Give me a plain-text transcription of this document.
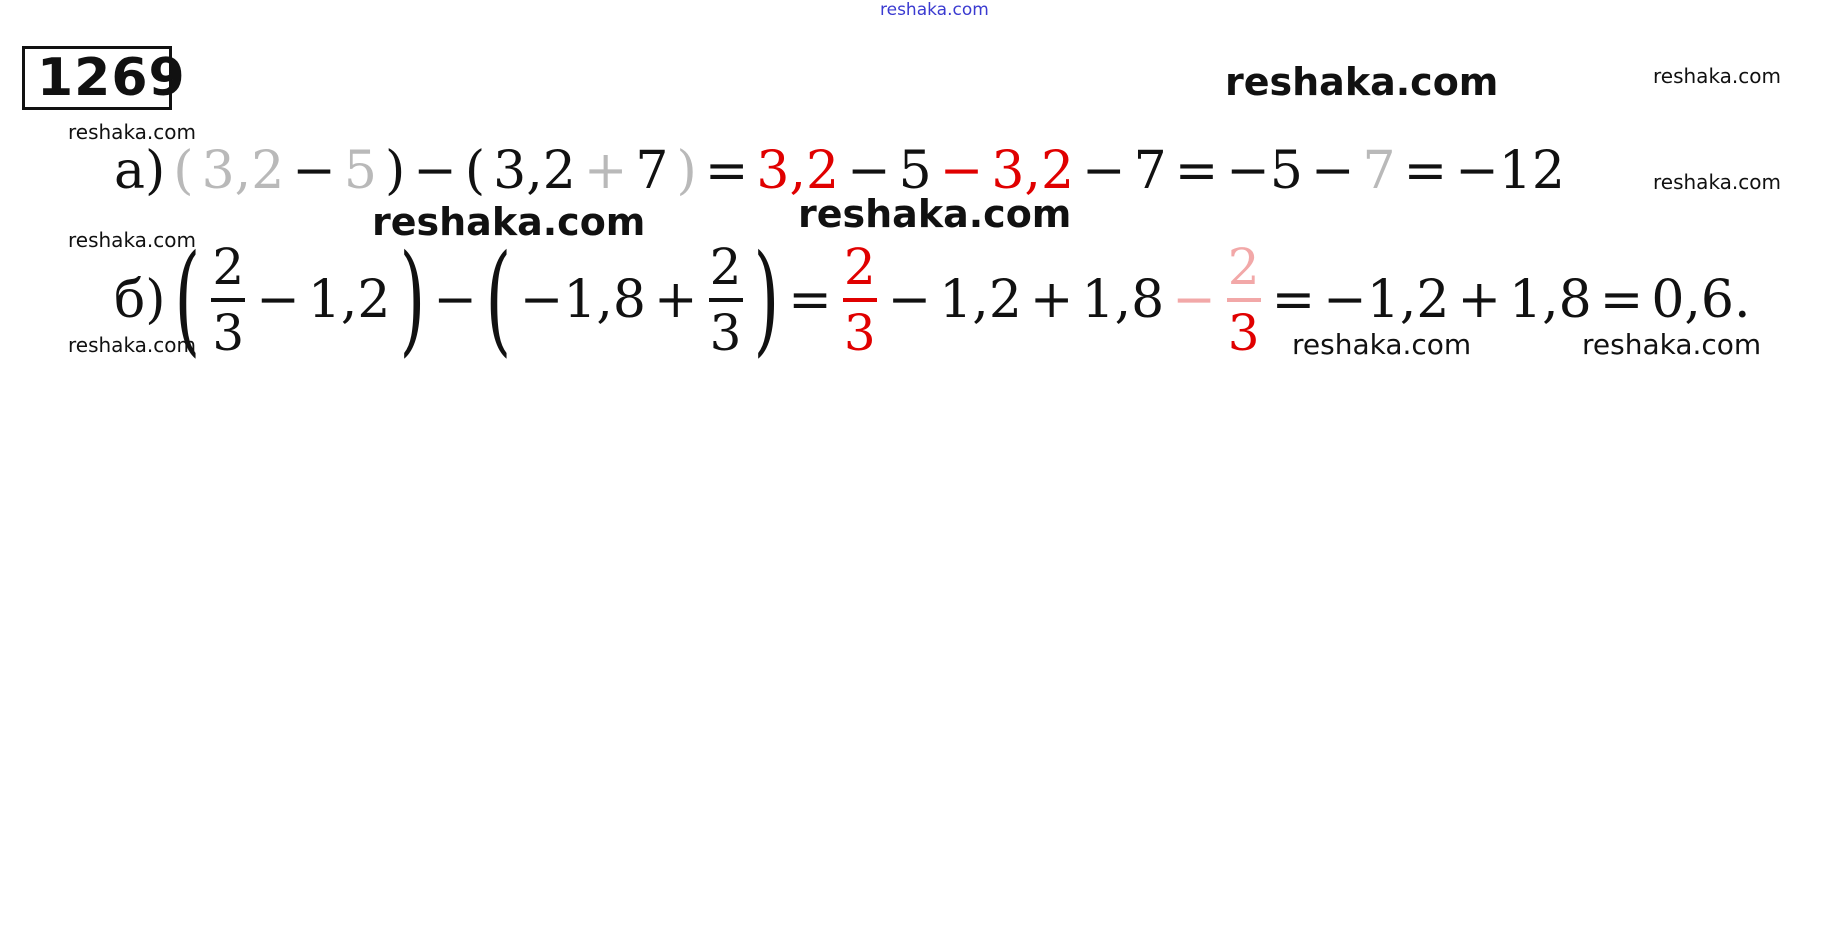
reshaka.com
reshaka.com
reshaka.com	reshaka.com
reshaka.com
reshaka.com
reshaka.com
reshaka.com
reshaka.com	reshaka.com	reshaka.com
1269
а) ( 3,2 − 5 ) − ( 3,2 + 7 ) = 3,2 − 5 − 3,2 − 7 = −5 − 7 = −12
б) ( $\frac{2}{3} - 1,2$ ) − ( $-1,8 + \frac{2}{3}$ ) = $\frac{2}{3} - 1,2 + 1,8 - \frac{2}{3} = -1,2 + 1,8 = 0,6$.
